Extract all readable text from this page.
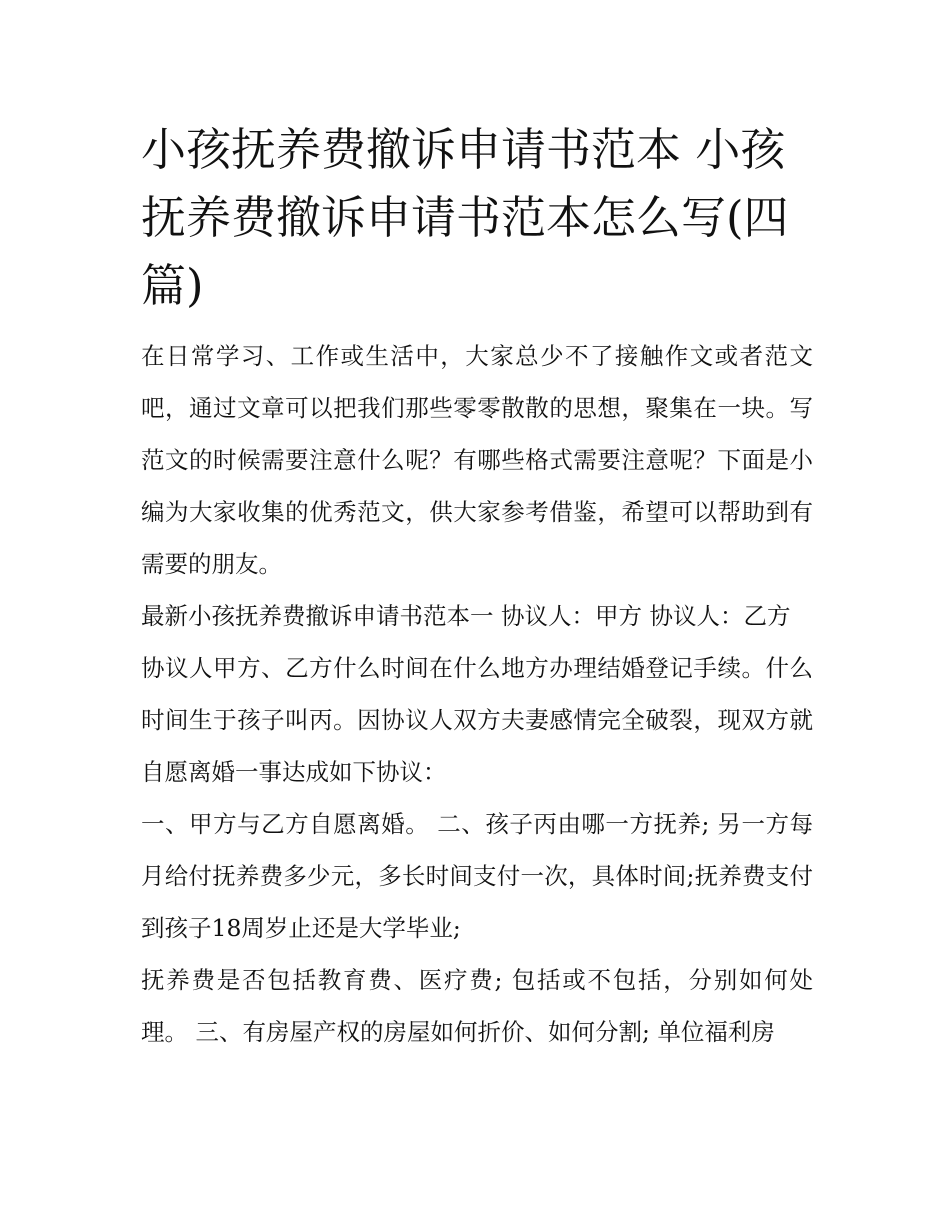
小孩抚养费撤诉申请书范本 小孩抚养费撤诉申请书范本怎么写(四篇)

在日常学习、工作或生活中，大家总少不了接触作文或者范文吧，通过文章可以把我们那些零零散散的思想，聚集在一块。写范文的时候需要注意什么呢？有哪些格式需要注意呢？下面是小编为大家收集的优秀范文，供大家参考借鉴，希望可以帮助到有需要的朋友。

最新小孩抚养费撤诉申请书范本一 协议人：甲方 协议人：乙方

协议人甲方、乙方什么时间在什么地方办理结婚登记手续。什么时间生于孩子叫丙。因协议人双方夫妻感情完全破裂，现双方就自愿离婚一事达成如下协议：

一、甲方与乙方自愿离婚。 二、孩子丙由哪一方抚养; 另一方每月给付抚养费多少元，多长时间支付一次，具体时间;抚养费支付到孩子18周岁止还是大学毕业;

抚养费是否包括教育费、医疗费; 包括或不包括，分别如何处理。 三、有房屋产权的房屋如何折价、如何分割; 单位福利房
